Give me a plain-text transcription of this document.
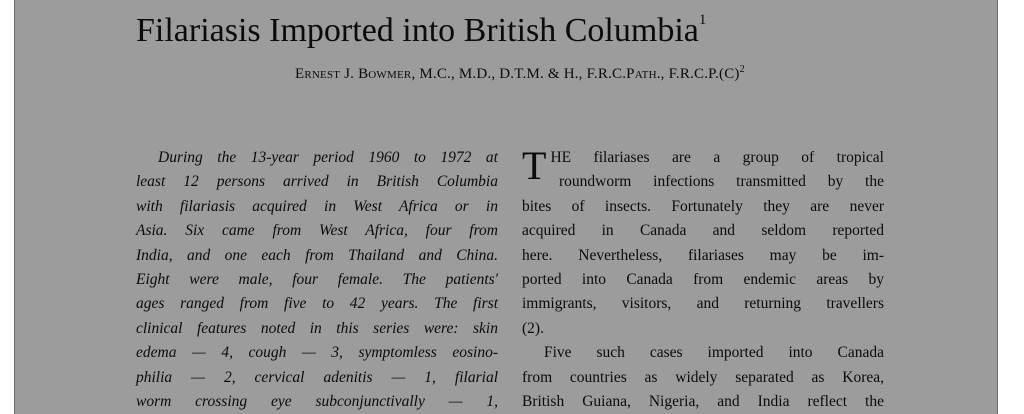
Filariasis Imported into British Columbia$^1$
Ernest J. Bowmer, M.C., M.D., D.T.M. & H., F.R.C.Path., $F.R.C.P.(C)^2$
During the 13-year period 1960 to 1972 at
least 12 persons arrived in British Columbia
with filariasis acquired in West Africa or in
Asia. Six came from West Africa, four from
India, and one each from Thailand and China.
Eight were male, four female. The patients'
ages ranged from five to 42 years. The first
clinical features noted in this series were: skin
edema — 4, cough — 3, symptomless eosino-
philia — 2, cervical adenitis — 1, filarial
worm crossing eye subconjunctivally — 1,
T HE filariases are a group of tropical
roundworm infections transmitted by the
bites of insects. Fortunately they are never
acquired in Canada and seldom reported
here. Nevertheless, filariases may be im-
ported into Canada from endemic areas by
immigrants, visitors, and returning travellers
(2).
Five such cases imported into Canada
from countries as widely separated as Korea,
British Guiana, Nigeria, and India reflect the
